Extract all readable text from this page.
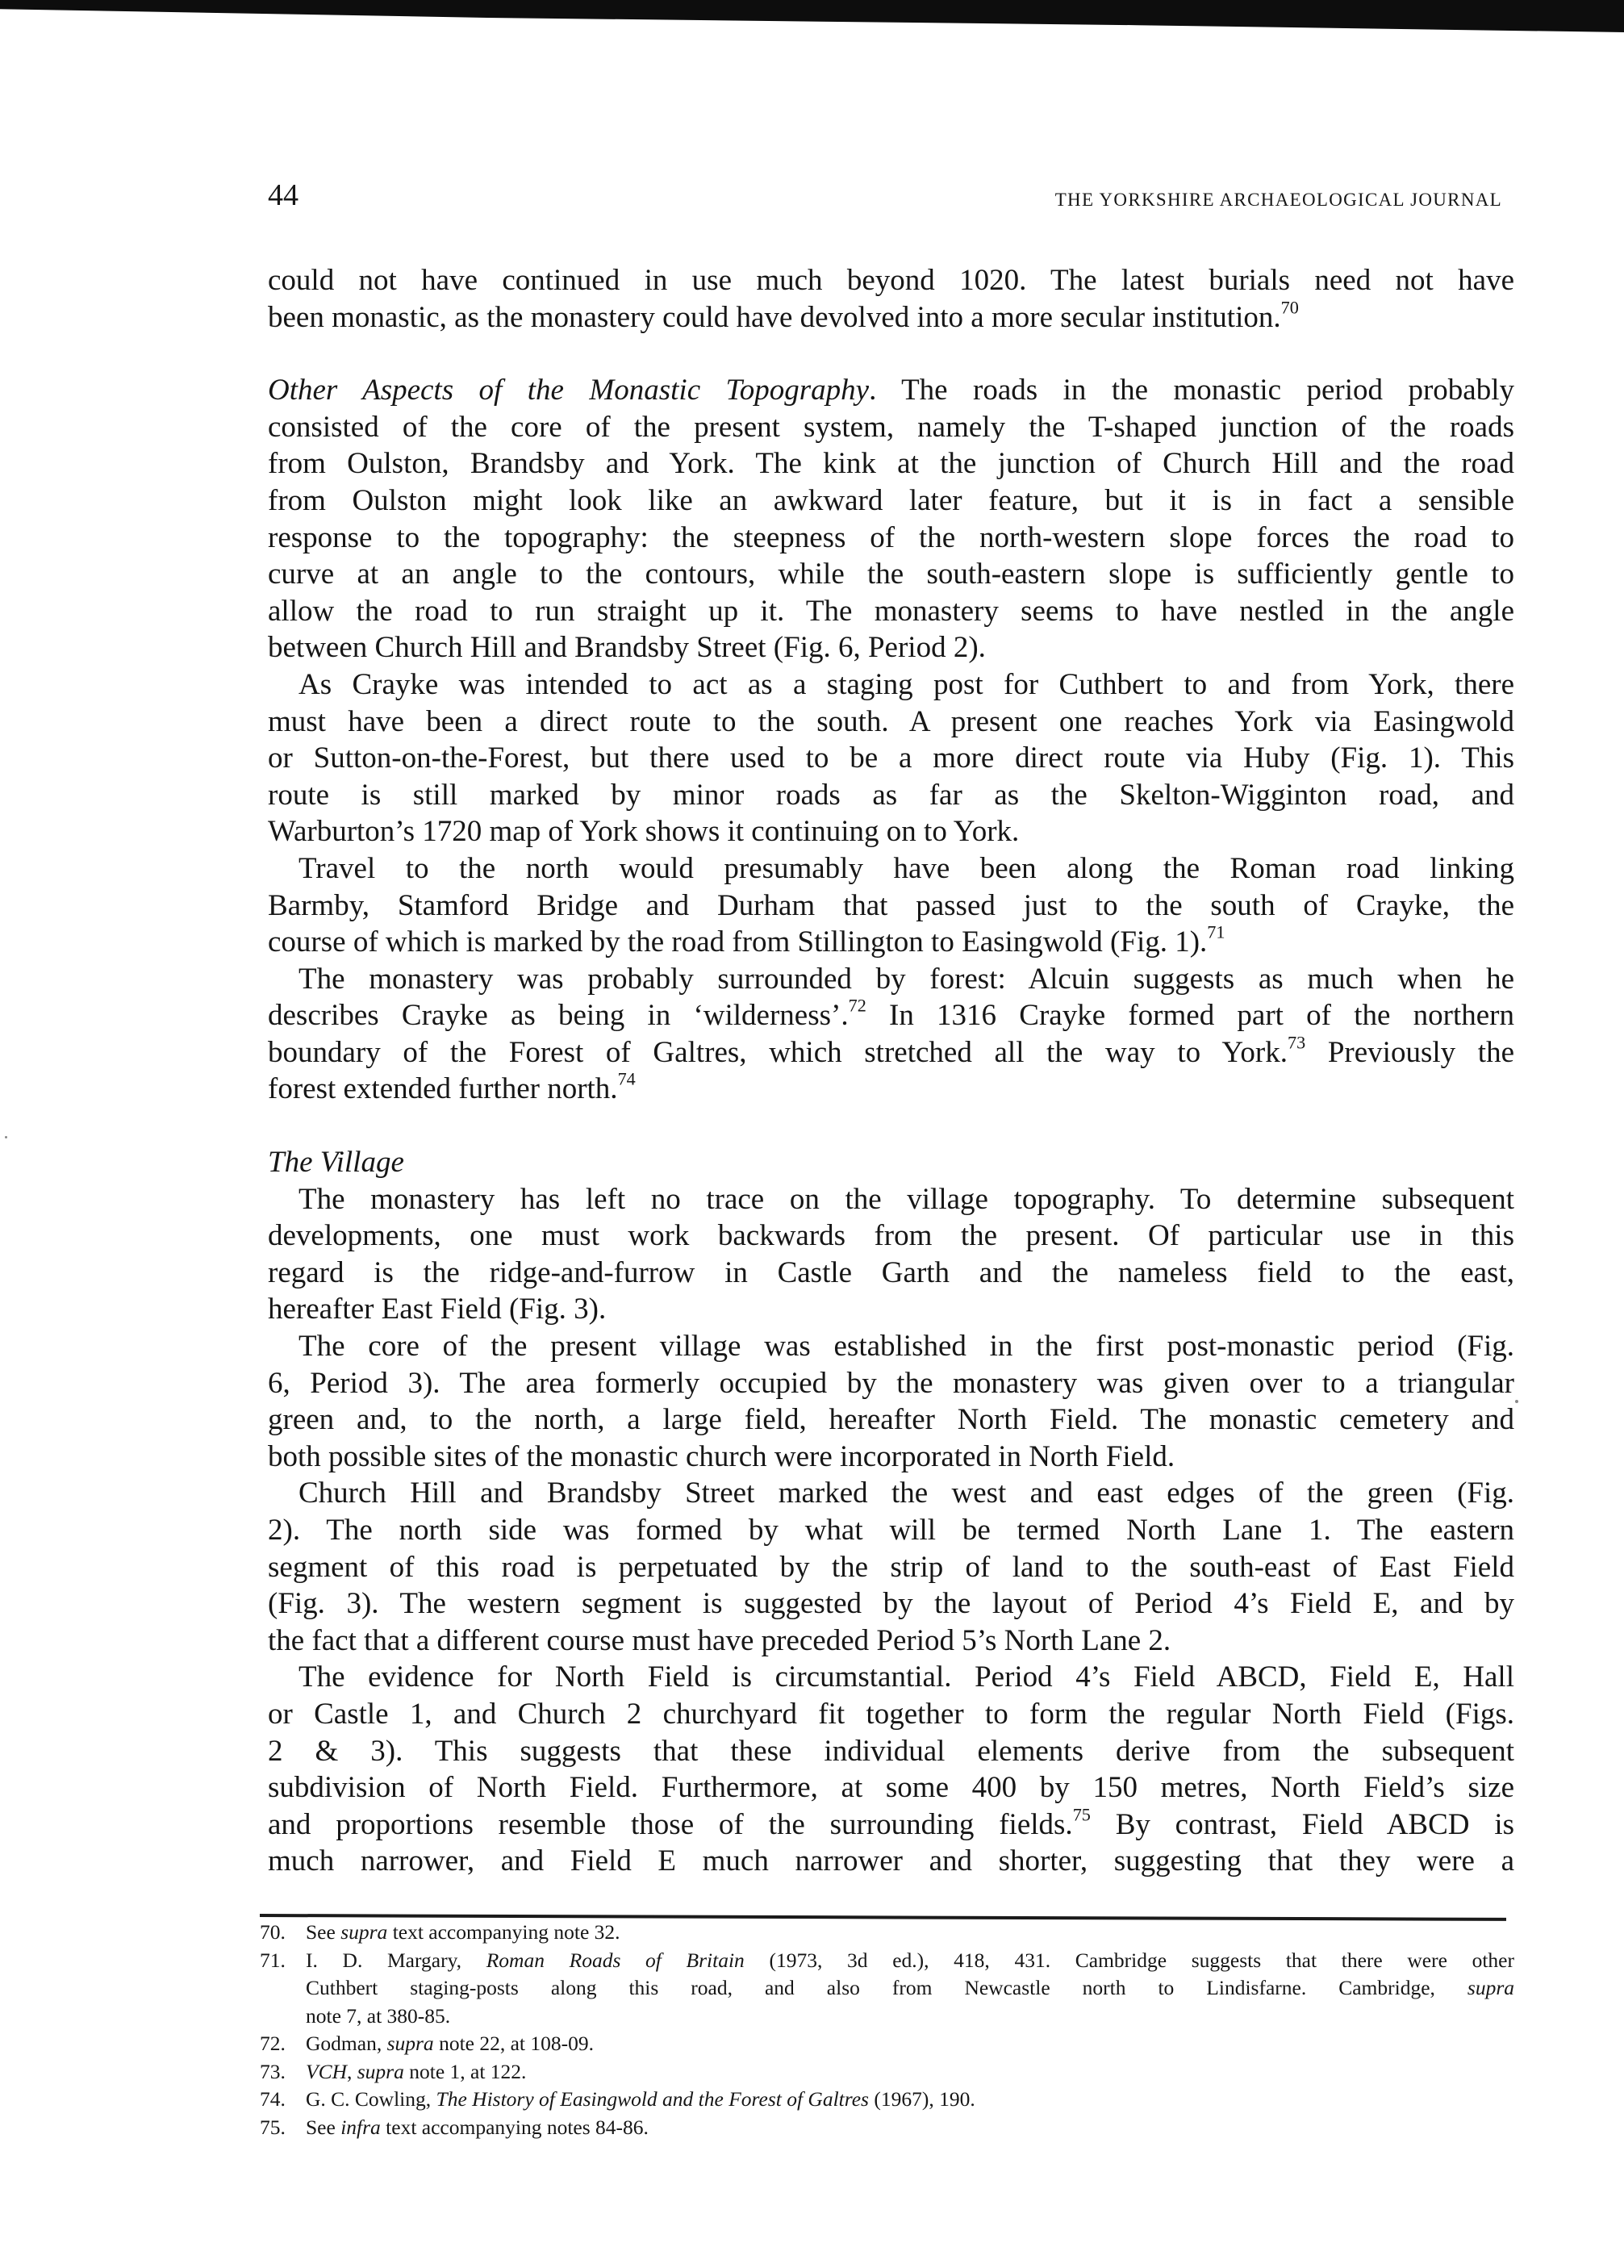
44	THE YORKSHIRE ARCHAEOLOGICAL JOURNAL
could not have continued in use much beyond 1020. The latest burials need not have
been monastic, as the monastery could have devolved into a more secular institution.$^{70}$
Other Aspects of the Monastic Topography. The roads in the monastic period probably
consisted of the core of the present system, namely the T-shaped junction of the roads
from Oulston, Brandsby and York. The kink at the junction of Church Hill and the road
from Oulston might look like an awkward later feature, but it is in fact a sensible
response to the topography: the steepness of the north-western slope forces the road to
curve at an angle to the contours, while the south-eastern slope is sufficiently gentle to
allow the road to run straight up it. The monastery seems to have nestled in the angle
between Church Hill and Brandsby Street (Fig. 6, Period 2).
As Crayke was intended to act as a staging post for Cuthbert to and from York, there
must have been a direct route to the south. A present one reaches York via Easingwold
or Sutton-on-the-Forest, but there used to be a more direct route via Huby (Fig. 1). This
route is still marked by minor roads as far as the Skelton-Wigginton road, and
Warburton’s 1720 map of York shows it continuing on to York.
Travel to the north would presumably have been along the Roman road linking
Barmby, Stamford Bridge and Durham that passed just to the south of Crayke, the
course of which is marked by the road from Stillington to Easingwold (Fig. 1).$^{71}$
The monastery was probably surrounded by forest: Alcuin suggests as much when he
describes Crayke as being in ‘wilderness’.$^{72}$ In 1316 Crayke formed part of the northern
boundary of the Forest of Galtres, which stretched all the way to York.$^{73}$ Previously the
forest extended further north.$^{74}$
The Village
The monastery has left no trace on the village topography. To determine subsequent
developments, one must work backwards from the present. Of particular use in this
regard is the ridge-and-furrow in Castle Garth and the nameless field to the east,
hereafter East Field (Fig. 3).
The core of the present village was established in the first post-monastic period (Fig.
6, Period 3). The area formerly occupied by the monastery was given over to a triangular
green and, to the north, a large field, hereafter North Field. The monastic cemetery and
both possible sites of the monastic church were incorporated in North Field.
Church Hill and Brandsby Street marked the west and east edges of the green (Fig.
2). The north side was formed by what will be termed North Lane 1. The eastern
segment of this road is perpetuated by the strip of land to the south-east of East Field
(Fig. 3). The western segment is suggested by the layout of Period 4’s Field E, and by
the fact that a different course must have preceded Period 5’s North Lane 2.
The evidence for North Field is circumstantial. Period 4’s Field ABCD, Field E, Hall
or Castle 1, and Church 2 churchyard fit together to form the regular North Field (Figs.
2 & 3). This suggests that these individual elements derive from the subsequent
subdivision of North Field. Furthermore, at some 400 by 150 metres, North Field’s size
and proportions resemble those of the surrounding fields.$^{75}$ By contrast, Field ABCD is
much narrower, and Field E much narrower and shorter, suggesting that they were a
70. See supra text accompanying note 32.
71. I. D. Margary, Roman Roads of Britain (1973, 3d ed.), 418, 431. Cambridge suggests that there were other
Cuthbert staging-posts along this road, and also from Newcastle north to Lindisfarne. Cambridge, supra
note 7, at 380-85.
72. Godman, supra note 22, at 108-09.
73. VCH, supra note 1, at 122.
74. G. C. Cowling, The History of Easingwold and the Forest of Galtres (1967), 190.
75. See infra text accompanying notes 84-86.
